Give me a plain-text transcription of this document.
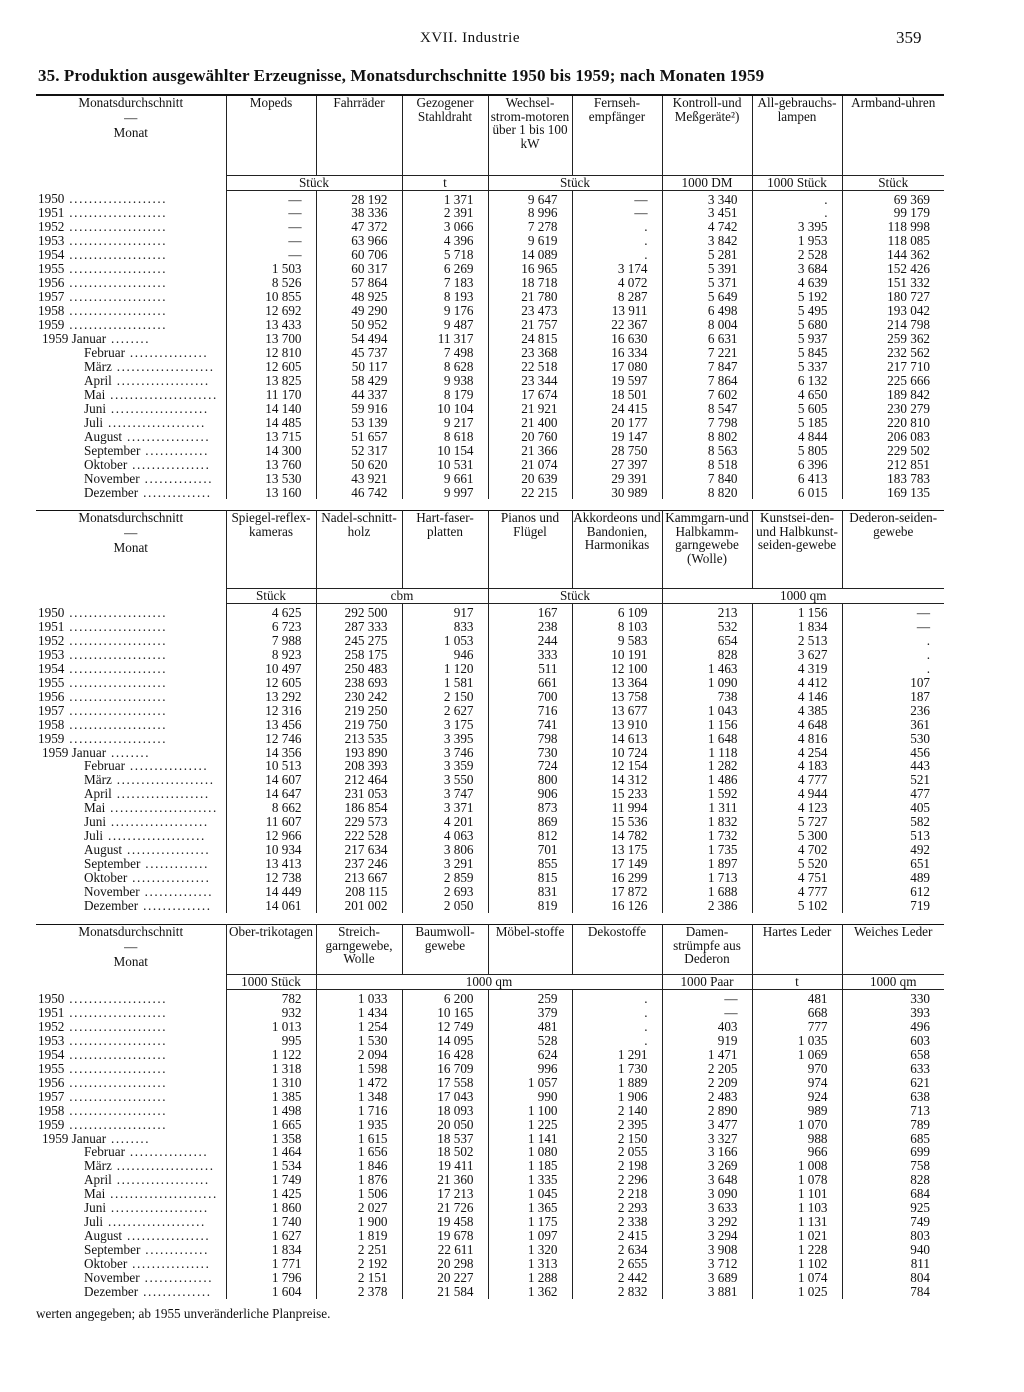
XVII. Industrie	359
35. Produktion ausgewählter Erzeugnisse, Monatsdurchschnitte 1950 bis 1959; nach Monaten 1959
Monatsdurchschnitt
—
Monat	Mopeds	Fahrräder	Gezogener Stahldraht	Wechsel-strom-motoren über 1 bis 100 kW	Fernseh-empfänger	Kontroll-und Meßgeräte²)	All-gebrauchs-lampen	Armband-uhren
	Stück		t	Stück		1000 DM	1000 Stück	Stück

1950 ....................	—	28 192	1 371	9 647	—	3 340	.	69 369

1951 ....................	—	38 336	2 391	8 996	—	3 451	.	99 179

1952 ....................	—	47 372	3 066	7 278	.	4 742	3 395	118 998

1953 ....................	—	63 966	4 396	9 619	.	3 842	1 953	118 085

1954 ....................	—	60 706	5 718	14 089	.	5 281	2 528	144 362

1955 ....................	1 503	60 317	6 269	16 965	3 174	5 391	3 684	152 426

1956 ....................	8 526	57 864	7 183	18 718	4 072	5 371	4 639	151 332

1957 ....................	10 855	48 925	8 193	21 780	8 287	5 649	5 192	180 727

1958 ....................	12 692	49 290	9 176	23 473	13 911	6 498	5 495	193 042

1959 ....................	13 433	50 952	9 487	21 757	22 367	8 004	5 680	214 798

1959 Januar ........	13 700	54 494	11 317	24 815	16 630	6 631	5 937	259 362

Februar ................	12 810	45 737	7 498	23 368	16 334	7 221	5 845	232 562

März ....................	12 605	50 117	8 628	22 518	17 080	7 847	5 337	217 710

April ...................	13 825	58 429	9 938	23 344	19 597	7 864	6 132	225 666

Mai ......................	11 170	44 337	8 179	17 674	18 501	7 602	4 650	189 842

Juni ....................	14 140	59 916	10 104	21 921	24 415	8 547	5 605	230 279

Juli ....................	14 485	53 139	9 217	21 400	20 177	7 798	5 185	220 810

August .................	13 715	51 657	8 618	20 760	19 147	8 802	4 844	206 083

September .............	14 300	52 317	10 154	21 366	28 750	8 563	5 805	229 502

Oktober ................	13 760	50 620	10 531	21 074	27 397	8 518	6 396	212 851

November ..............	13 530	43 921	9 661	20 639	29 391	7 840	6 413	183 783

Dezember ..............	13 160	46 742	9 997	22 215	30 989	8 820	6 015	169 135
Monatsdurchschnitt
—
Monat	Spiegel-reflex-kameras	Nadel-schnitt-holz	Hart-faser-platten	Pianos und Flügel	Akkordeons und Bandonien, Harmonikas	Kammgarn-und Halbkamm-garngewebe (Wolle)	Kunstsei-den- und Halbkunst-seiden-gewebe	Dederon-seiden-gewebe
	Stück	cbm		Stück		1000 qm		

1950 ....................	4 625	292 500	917	167	6 109	213	1 156	—

1951 ....................	6 723	287 333	833	238	8 103	532	1 834	—

1952 ....................	7 988	245 275	1 053	244	9 583	654	2 513	.

1953 ....................	8 923	258 175	946	333	10 191	828	3 627	.

1954 ....................	10 497	250 483	1 120	511	12 100	1 463	4 319	.

1955 ....................	12 605	238 693	1 581	661	13 364	1 090	4 412	107

1956 ....................	13 292	230 242	2 150	700	13 758	738	4 146	187

1957 ....................	12 316	219 250	2 627	716	13 677	1 043	4 385	236

1958 ....................	13 456	219 750	3 175	741	13 910	1 156	4 648	361

1959 ....................	12 746	213 535	3 395	798	14 613	1 648	4 816	530

1959 Januar ........	14 356	193 890	3 746	730	10 724	1 118	4 254	456

Februar ................	10 513	208 393	3 359	724	12 154	1 282	4 183	443

März ....................	14 607	212 464	3 550	800	14 312	1 486	4 777	521

April ...................	14 647	231 053	3 747	906	15 233	1 592	4 944	477

Mai ......................	8 662	186 854	3 371	873	11 994	1 311	4 123	405

Juni ....................	11 607	229 573	4 201	869	15 536	1 832	5 727	582

Juli ....................	12 966	222 528	4 063	812	14 782	1 732	5 300	513

August .................	10 934	217 634	3 806	701	13 175	1 735	4 702	492

September .............	13 413	237 246	3 291	855	17 149	1 897	5 520	651

Oktober ................	12 738	213 667	2 859	815	16 299	1 713	4 751	489

November ..............	14 449	208 115	2 693	831	17 872	1 688	4 777	612

Dezember ..............	14 061	201 002	2 050	819	16 126	2 386	5 102	719
Monatsdurchschnitt
—
Monat	Ober-trikotagen	Streich-garngewebe, Wolle	Baumwoll-gewebe	Möbel-stoffe	Dekostoffe	Damen-strümpfe aus Dederon	Hartes Leder	Weiches Leder
	1000 Stück	1000 qm				1000 Paar	t	1000 qm

1950 ....................	782	1 033	6 200	259	.	—	481	330

1951 ....................	932	1 434	10 165	379	.	—	668	393

1952 ....................	1 013	1 254	12 749	481	.	403	777	496

1953 ....................	995	1 530	14 095	528	.	919	1 035	603

1954 ....................	1 122	2 094	16 428	624	1 291	1 471	1 069	658

1955 ....................	1 318	1 598	16 709	996	1 730	2 205	970	633

1956 ....................	1 310	1 472	17 558	1 057	1 889	2 209	974	621

1957 ....................	1 385	1 348	17 043	990	1 906	2 483	924	638

1958 ....................	1 498	1 716	18 093	1 100	2 140	2 890	989	713

1959 ....................	1 665	1 935	20 050	1 225	2 395	3 477	1 070	789

1959 Januar ........	1 358	1 615	18 537	1 141	2 150	3 327	988	685

Februar ................	1 464	1 656	18 502	1 080	2 055	3 166	966	699

März ....................	1 534	1 846	19 411	1 185	2 198	3 269	1 008	758

April ...................	1 749	1 876	21 360	1 335	2 296	3 648	1 078	828

Mai ......................	1 425	1 506	17 213	1 045	2 218	3 090	1 101	684

Juni ....................	1 860	2 027	21 726	1 365	2 293	3 633	1 103	925

Juli ....................	1 740	1 900	19 458	1 175	2 338	3 292	1 131	749

August .................	1 627	1 819	19 678	1 097	2 415	3 294	1 021	803

September .............	1 834	2 251	22 611	1 320	2 634	3 908	1 228	940

Oktober ................	1 771	2 192	20 298	1 313	2 655	3 712	1 102	811

November ..............	1 796	2 151	20 227	1 288	2 442	3 689	1 074	804

Dezember ..............	1 604	2 378	21 584	1 362	2 832	3 881	1 025	784
werten angegeben; ab 1955 unveränderliche Planpreise.
